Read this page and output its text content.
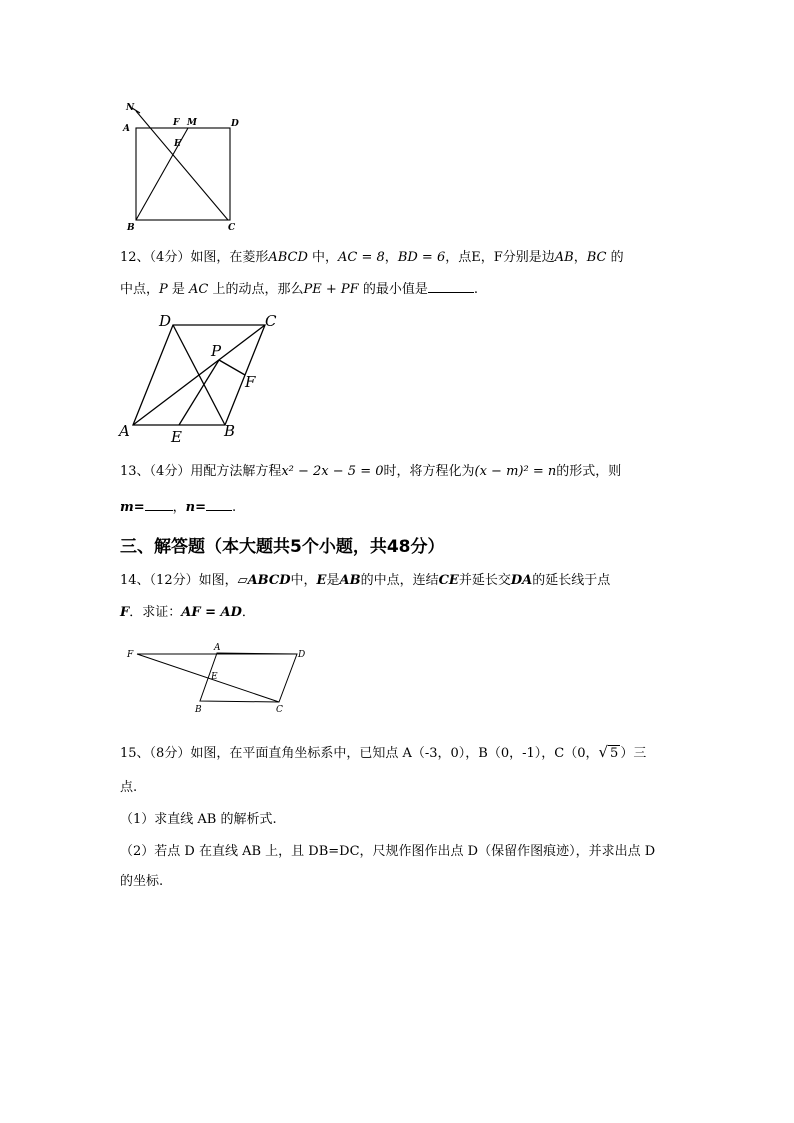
N
A
F M	D
E
B	C
12、（4分）如图，在菱形ABCD 中，AC = 8，BD = 6，点E，F分别是边AB，BC 的
中点，P 是 AC 上的动点，那么PE + PF 的最小值是	.
D	C
P
F
A	E	B
13、（4分）用配方法解方程x² − 2x − 5 = 0时，将方程化为(x − m)² = n的形式，则
m= ，n= .
三、解答题（本大题共5个小题，共48分）
14、（12分）如图，▱ABCD中，E是AB的中点，连结CE并延长交DA的延长线于点
F．求证：AF = AD．
F
A
D
E
B	C
15、（8分）如图，在平面直角坐标系中，已知点 A（-3，0），B（0，-1），C（0，√ 5 ）三
点.
（1）求直线 AB 的解析式.
（2）若点 D 在直线 AB 上，且 DB=DC，尺规作图作出点 D（保留作图痕迹），并求出点 D
的坐标.
